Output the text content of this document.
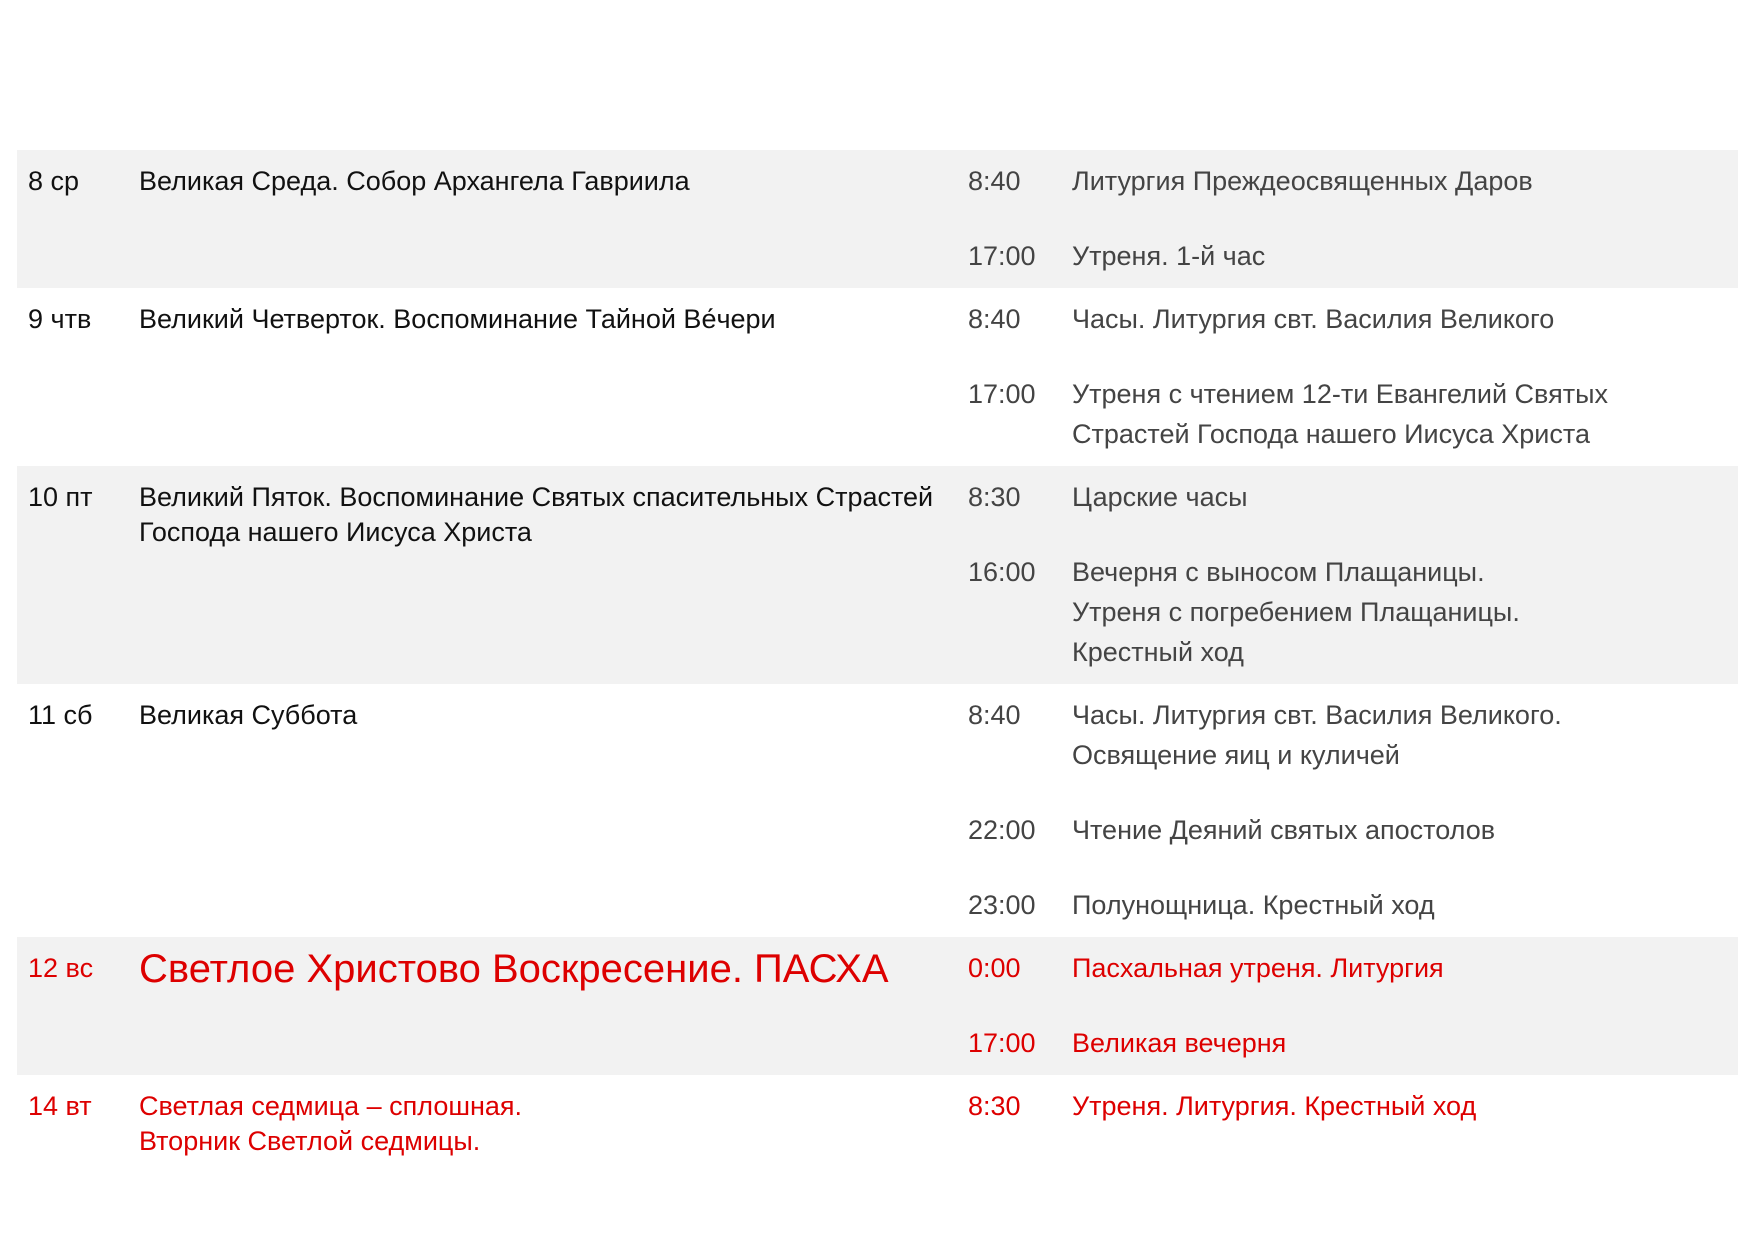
8 ср	Великая Среда. Собор Архангела Гавриила	8:40	Литургия Преждеосвященных Даров
17:00	Утреня. 1-й час
9 чтв	Великий Четверток. Воспоминание Тайной Ве́чери	8:40	Часы. Литургия свт. Василия Великого
17:00	Утреня с чтением 12-ти Евангелий Святых
Страстей Господа нашего Иисуса Христа
10 пт	Великий Пяток. Воспоминание Святых спасительных Страстей Господа нашего Иисуса Христа
8:30	Царские часы
16:00	Вечерня с выносом Плащаницы.
Утреня с погребением Плащаницы.
Крестный ход
11 сб	Великая Суббота	8:40	Часы. Литургия свт. Василия Великого.
Освящение яиц и куличей
22:00	Чтение Деяний святых апостолов
23:00	Полунощница. Крестный ход
12 вс	Светлое Христово Воскресение. ПАСХА	0:00	Пасхальная утреня. Литургия
17:00	Великая вечерня
14 вт	Светлая седмица – сплошная.
Вторник Светлой седмицы.
8:30	Утреня. Литургия. Крестный ход
